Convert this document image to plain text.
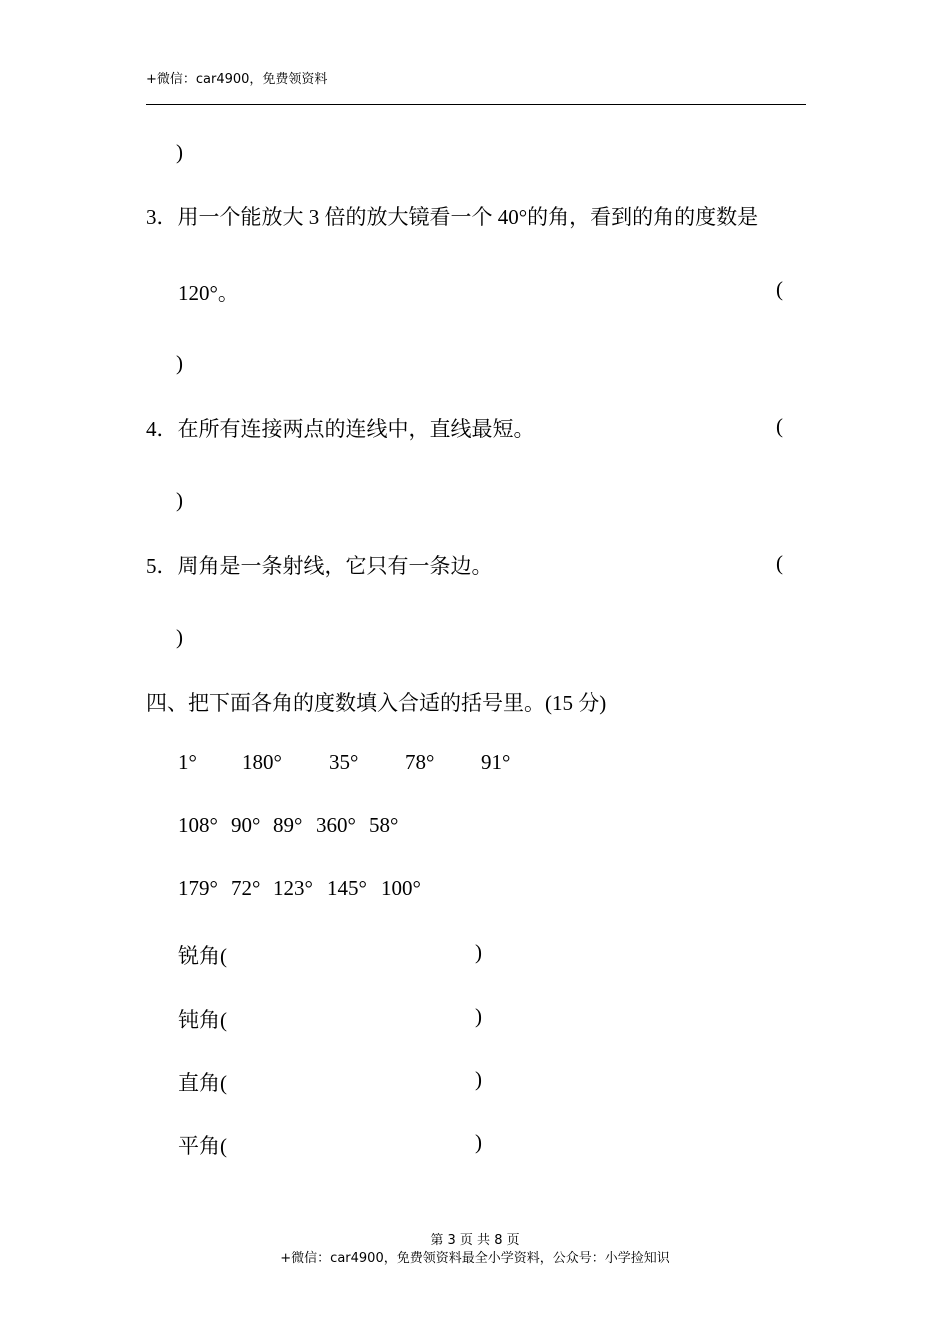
+微信：car4900，免费领资料
)
3．用一个能放大 3 倍的放大镜看一个 40°的角，看到的角的度数是
120°。	(
)
4．在所有连接两点的连线中，直线最短。	(
)
5．周角是一条射线，它只有一条边。	(
)
四、把下面各角的度数填入合适的括号里。(15 分)
1° 180° 35° 78° 91°
108° 90° 89° 360° 58°
179° 72° 123° 145° 100°
锐角(	)
钝角(	)
直角(	)
平角(	)
第 3 页 共 8 页
+微信：car4900，免费领资料最全小学资料，公众号：小学捡知识
